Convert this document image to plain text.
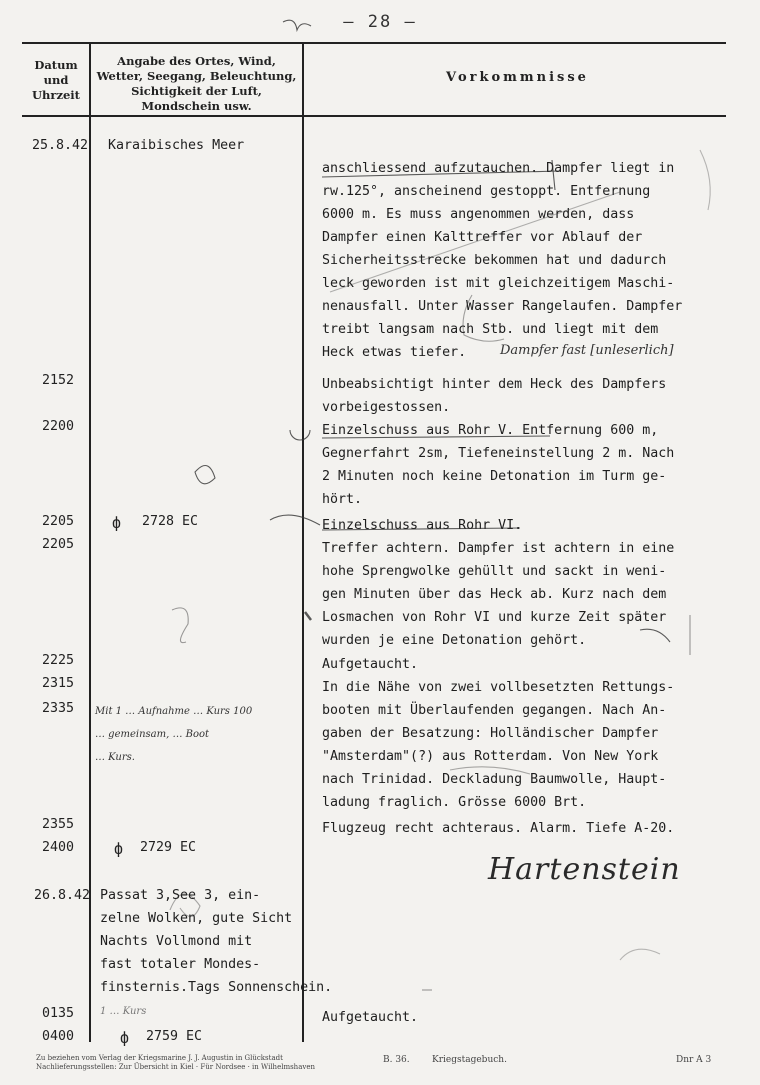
– 28 –
Datum und Uhrzeit
Angabe des Ortes, Wind, Wetter, Seegang, Beleuchtung, Sichtigkeit der Luft, Mondschein usw.
Vorkommnisse
25.8.42 Karaibisches Meer
26.8.42 Passat 3,See 3, ein-
zelne Wolken, gute Sicht
Nachts Vollmond mit
fast totaler Mondes-
finsternis.Tags Sonnenschein.
2152
2200
2205
2205
2225
2315
2335
2355
2400
0135
0400
ф 2728 EC
ф 2729 EC
ф 2759 EC
Mit 1 … Aufnahme … Kurs 100
… gemeinsam, … Boot
… Kurs.
1 … Kurs
Dampfer fast [unleserlich]
Hartenstein
anschliessend aufzutauchen. Dampfer liegt in
rw.125°, anscheinend gestoppt. Entfernung
6000 m. Es muss angenommen werden, dass
Dampfer einen Kalttreffer vor Ablauf der
Sicherheitsstrecke bekommen hat und dadurch
leck geworden ist mit gleichzeitigem Maschi-
nenausfall. Unter Wasser Rangelaufen. Dampfer
treibt langsam nach Stb. und liegt mit dem
Heck etwas tiefer.
Unbeabsichtigt hinter dem Heck des Dampfers
vorbeigestossen.
Einzelschuss aus Rohr V. Entfernung 600 m,
Gegnerfahrt 2sm, Tiefeneinstellung 2 m. Nach
2 Minuten noch keine Detonation im Turm ge-
hört.
Einzelschuss aus Rohr VI.
Treffer achtern. Dampfer ist achtern in eine
hohe Sprengwolke gehüllt und sackt in weni-
gen Minuten über das Heck ab. Kurz nach dem
Losmachen von Rohr VI und kurze Zeit später
wurden je eine Detonation gehört.
Aufgetaucht.
In die Nähe von zwei vollbesetzten Rettungs-
booten mit Überlaufenden gegangen. Nach An-
gaben der Besatzung: Holländischer Dampfer
"Amsterdam"(?) aus Rotterdam. Von New York
nach Trinidad. Deckladung Baumwolle, Haupt-
ladung fraglich. Grösse 6000 Brt.
Flugzeug recht achteraus. Alarm. Tiefe A-20.
Aufgetaucht.
Zu beziehen vom Verlag der Kriegsmarine J. J. Augustin in Glückstadt
Nachlieferungsstellen: Zur Übersicht in Kiel · Für Nordsee · in Wilhelmshaven
B. 36. Kriegstagebuch.	Dnr A 3
